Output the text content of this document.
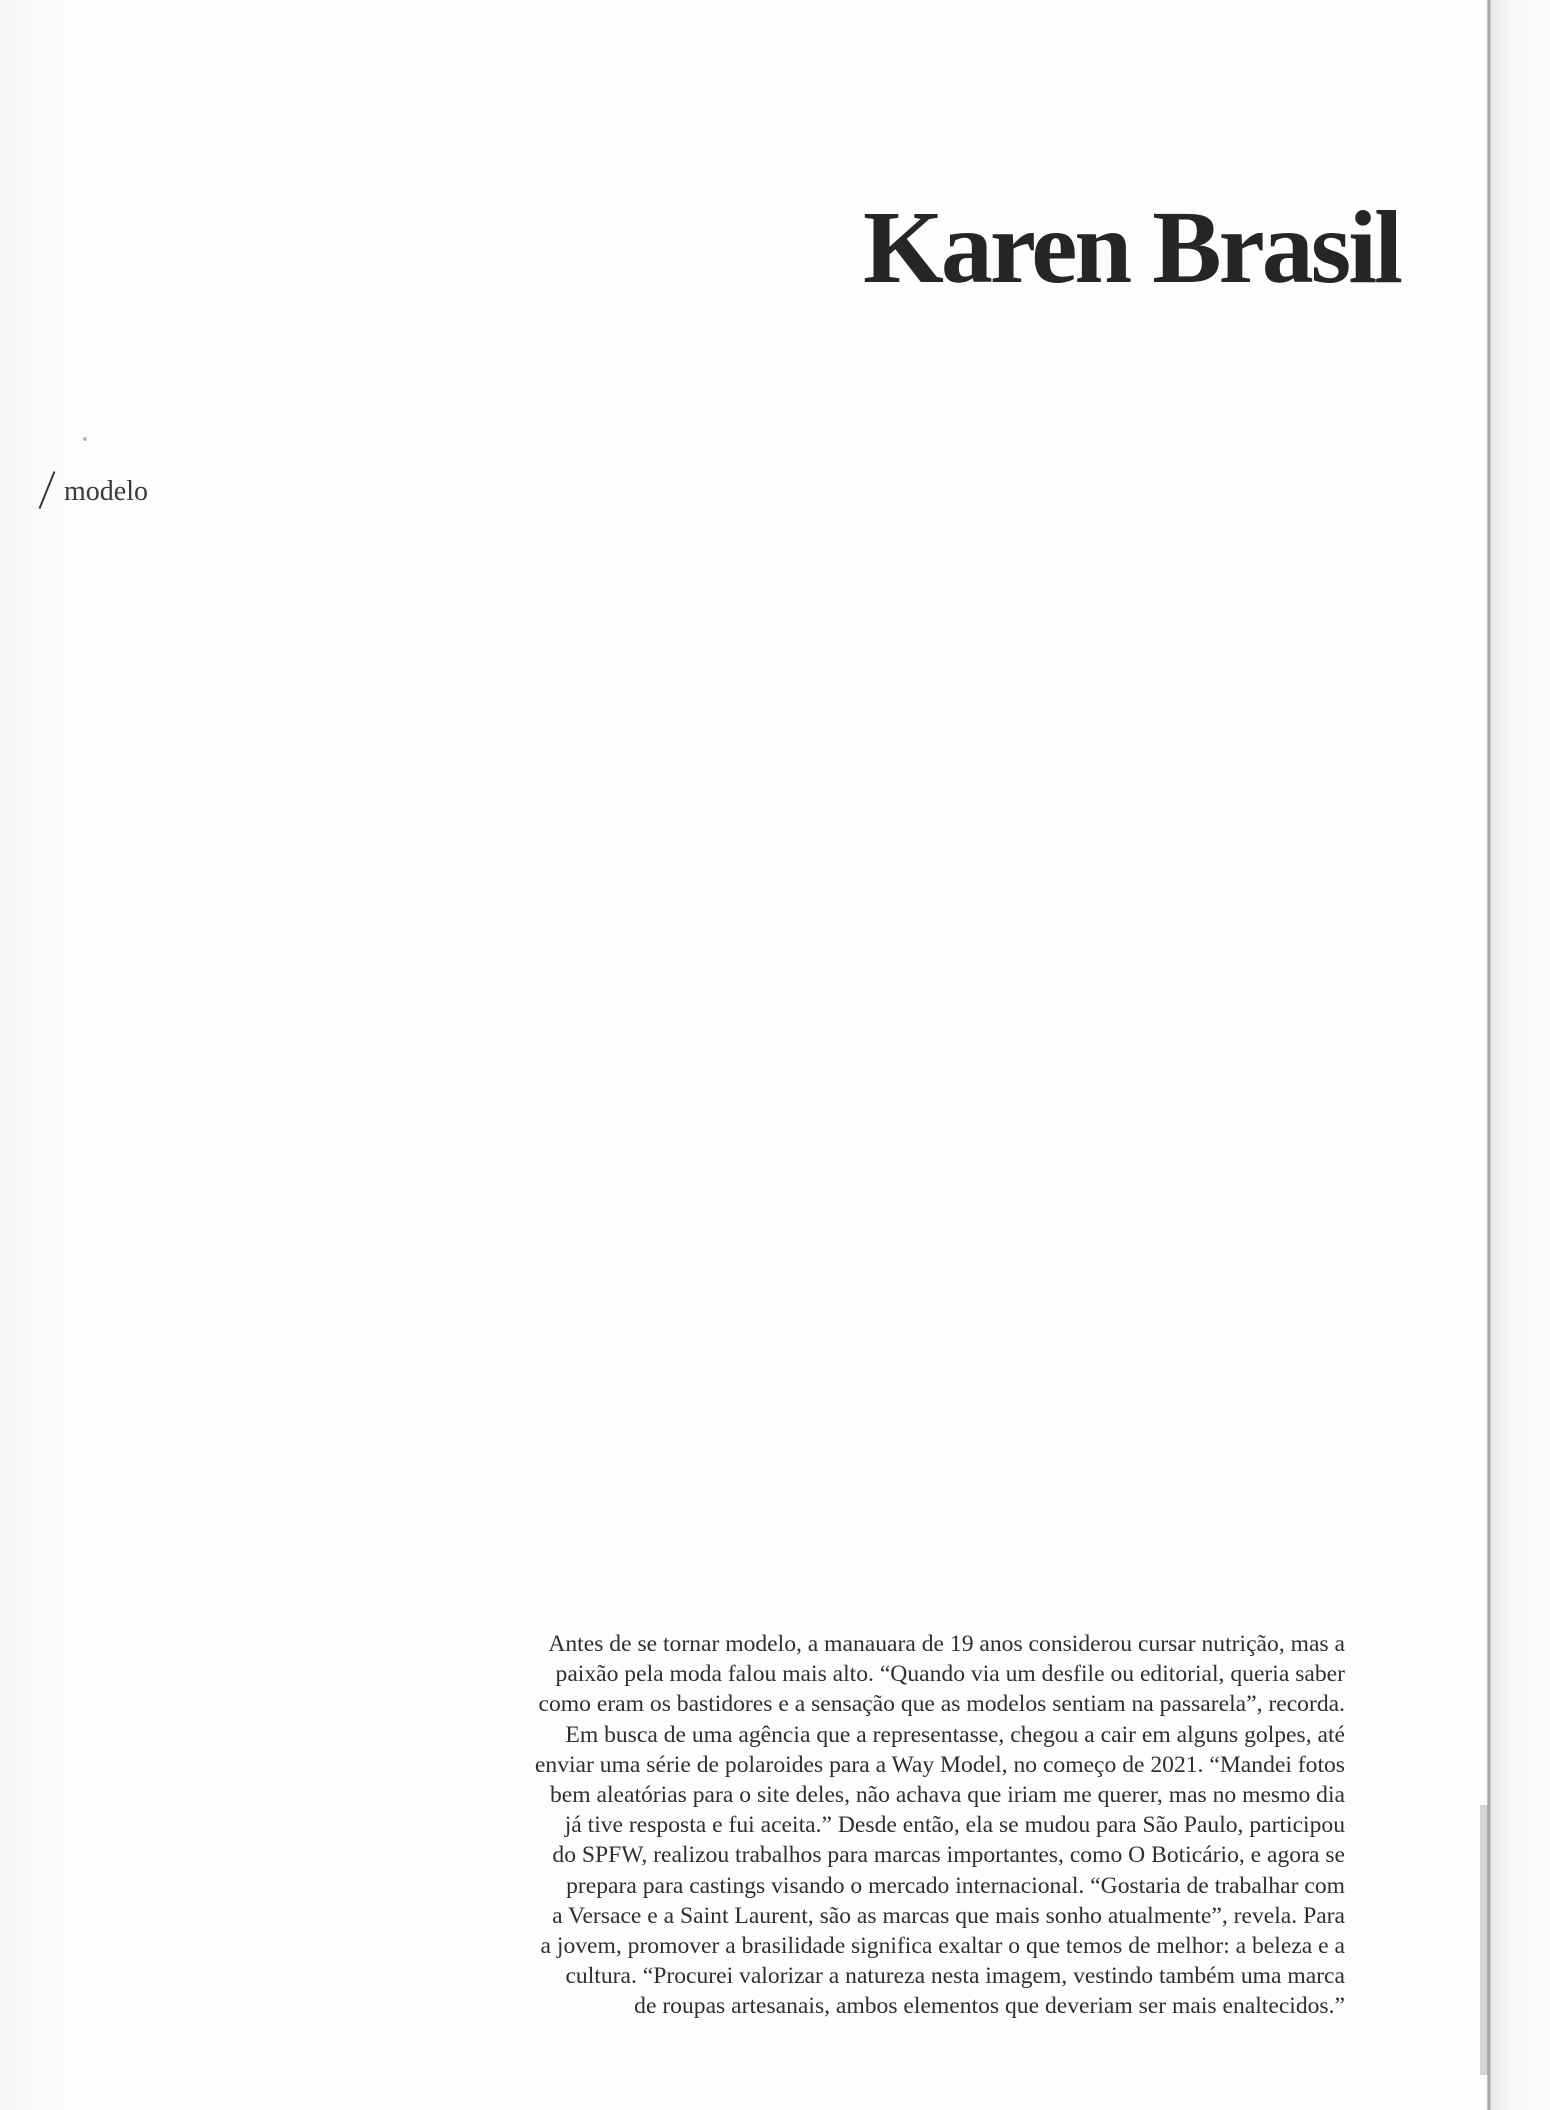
Karen Brasil
modelo

Antes de se tornar modelo, a manauara de 19 anos considerou cursar nutrição, mas a
paixão pela moda falou mais alto. “Quando via um desfile ou editorial, queria saber
como eram os bastidores e a sensação que as modelos sentiam na passarela”, recorda.
Em busca de uma agência que a representasse, chegou a cair em alguns golpes, até
enviar uma série de polaroides para a Way Model, no começo de 2021. “Mandei fotos
bem aleatórias para o site deles, não achava que iriam me querer, mas no mesmo dia
já tive resposta e fui aceita.” Desde então, ela se mudou para São Paulo, participou
do SPFW, realizou trabalhos para marcas importantes, como O Boticário, e agora se
prepara para castings visando o mercado internacional. “Gostaria de trabalhar com
a Versace e a Saint Laurent, são as marcas que mais sonho atualmente”, revela. Para
a jovem, promover a brasilidade significa exaltar o que temos de melhor: a beleza e a
cultura. “Procurei valorizar a natureza nesta imagem, vestindo também uma marca
de roupas artesanais, ambos elementos que deveriam ser mais enaltecidos.”
